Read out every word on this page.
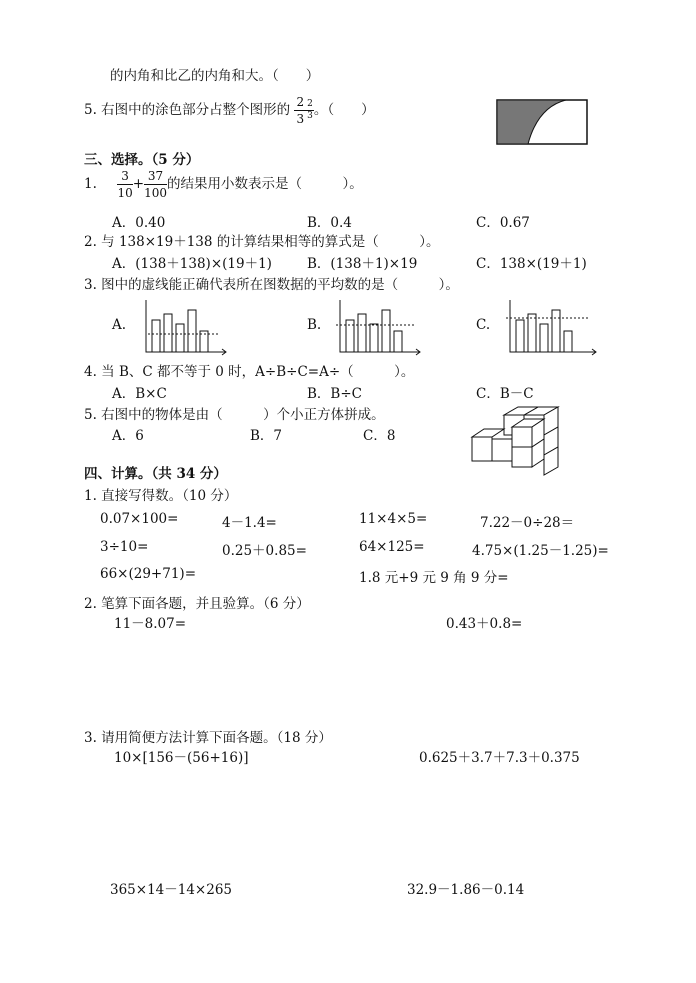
的内角和比乙的内角和大。（　　）
5. 右图中的涂色部分占整个图形的 $\frac{2}{3} \frac{2}{3}$ 。（　　）
三、选择。（5 分）
1. $\frac{3}{10} + \frac{37}{100}$ 的结果用小数表示是（　　　）。
A．0.40	B．0.4	C．0.67
2. 与 138×19＋138 的计算结果相等的算式是（　　　）。
A．(138＋138)×(19＋1)	B．(138＋1)×19	C．138×(19＋1)
3. 图中的虚线能正确代表所在图数据的平均数的是（　　　）。
A.	B.	C.
4. 当 B、C 都不等于 0 时，A÷B÷C=A÷（　　　）。
A．B×C	B．B÷C	C．B－C
5. 右图中的物体是由（　　　）个小正方体拼成。
A．6	B．7	C．8
四、计算。（共 34 分）
1. 直接写得数。（10 分）
0.07×100=	4－1.4=	11×4×5=	7.22－0÷28＝
3÷10=	0.25＋0.85=	64×125=	4.75×(1.25－1.25)=
66×(29+71)=	1.8 元+9 元 9 角 9 分=
2. 笔算下面各题，并且验算。（6 分）
11－8.07=	0.43＋0.8=
3. 请用简便方法计算下面各题。（18 分）
10×[156－(56+16)]	0.625＋3.7＋7.3＋0.375
365×14－14×265	32.9－1.86－0.14
